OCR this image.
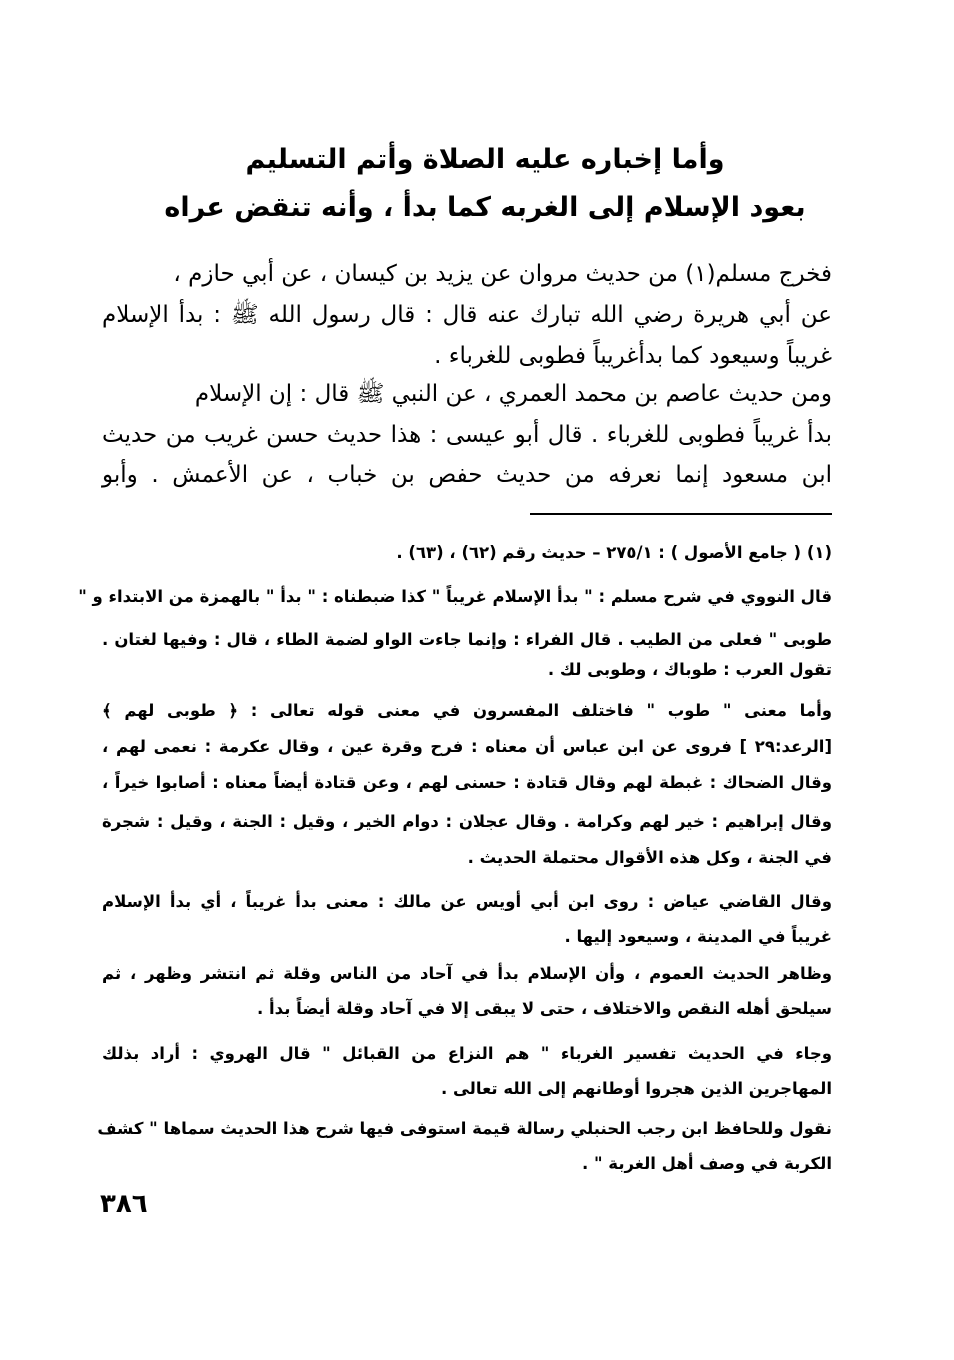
وأما إخباره عليه الصلاة وأتم التسليم
بعود الإسلام إلى الغربه كما بدأ ، وأنه تنقض عراه
فخرج مسلم(١) من حديث مروان عن يزيد بن كيسان ، عن أبي حازم ،
عن أبي هريرة رضي الله تبارك عنه قال : قال رسول الله ﷺ : بدأ الإسلام
غريباً وسيعود كما بدأغريباً فطوبى للغرباء .
ومن حديث عاصم بن محمد العمري ، عن النبي ﷺ قال : إن الإسلام
بدأ غريباً فطوبى للغرباء . قال أبو عيسى : هذا حديث حسن غريب من حديث
ابن مسعود إنما نعرفه من حديث حفص بن خباب ، عن الأعمش . وأبو
(١) ( جامع الأصول ) : ٢٧٥/١ – حديث رقم (٦٢) ، (٦٣) .
قال النووي في شرح مسلم : " بدأ الإسلام غريباً " كذا ضبطناه : " بدأ " بالهمزة من الابتداء و "
طوبى " فعلى من الطيب . قال الفراء : وإنما جاءت الواو لضمة الطاء ، قال : وفيها لغتان .
تقول العرب : طوباك ، وطوبى لك .
وأما معنى " طوب " فاختلف المفسرون في معنى قوله تعالى : ﴿ طوبى لهم ﴾
[الرعد:٢٩ ] فروى عن ابن عباس أن معناه : فرح وقرة عين ، وقال عكرمة : نعمى لهم ،
وقال الضحاك : غبطة لهم وقال قتادة : حسنى لهم ، وعن قتادة أيضاً معناه : أصابوا خيراً ،
وقال إبراهيم : خير لهم وكرامة . وقال عجلان : دوام الخير ، وقيل : الجنة ، وقيل : شجرة
في الجنة ، وكل هذه الأقوال محتملة الحديث .
وقال القاضي عياض : روى ابن أبي أويس عن مالك : معنى بدأ غريباً ، أي بدأ الإسلام
غريباً في المدينة ، وسيعود إليها .
وظاهر الحديث العموم ، وأن الإسلام بدأ في آحاد من الناس وقلة ثم انتشر وظهر ، ثم
سيلحق أهله النقص والاختلاف ، حتى لا يبقى إلا في آحاد وقلة أيضاً بدأ .
وجاء في الحديث تفسير الغرباء " هم النزاع من القبائل " قال الهروي : أراد بذلك
المهاجرين الذين هجروا أوطانهم إلى الله تعالى .
نقول وللحافظ ابن رجب الحنبلي رسالة قيمة استوفى فيها شرح هذا الحديث سماها " كشف
الكربة في وصف أهل الغربة " .
٣٨٦
